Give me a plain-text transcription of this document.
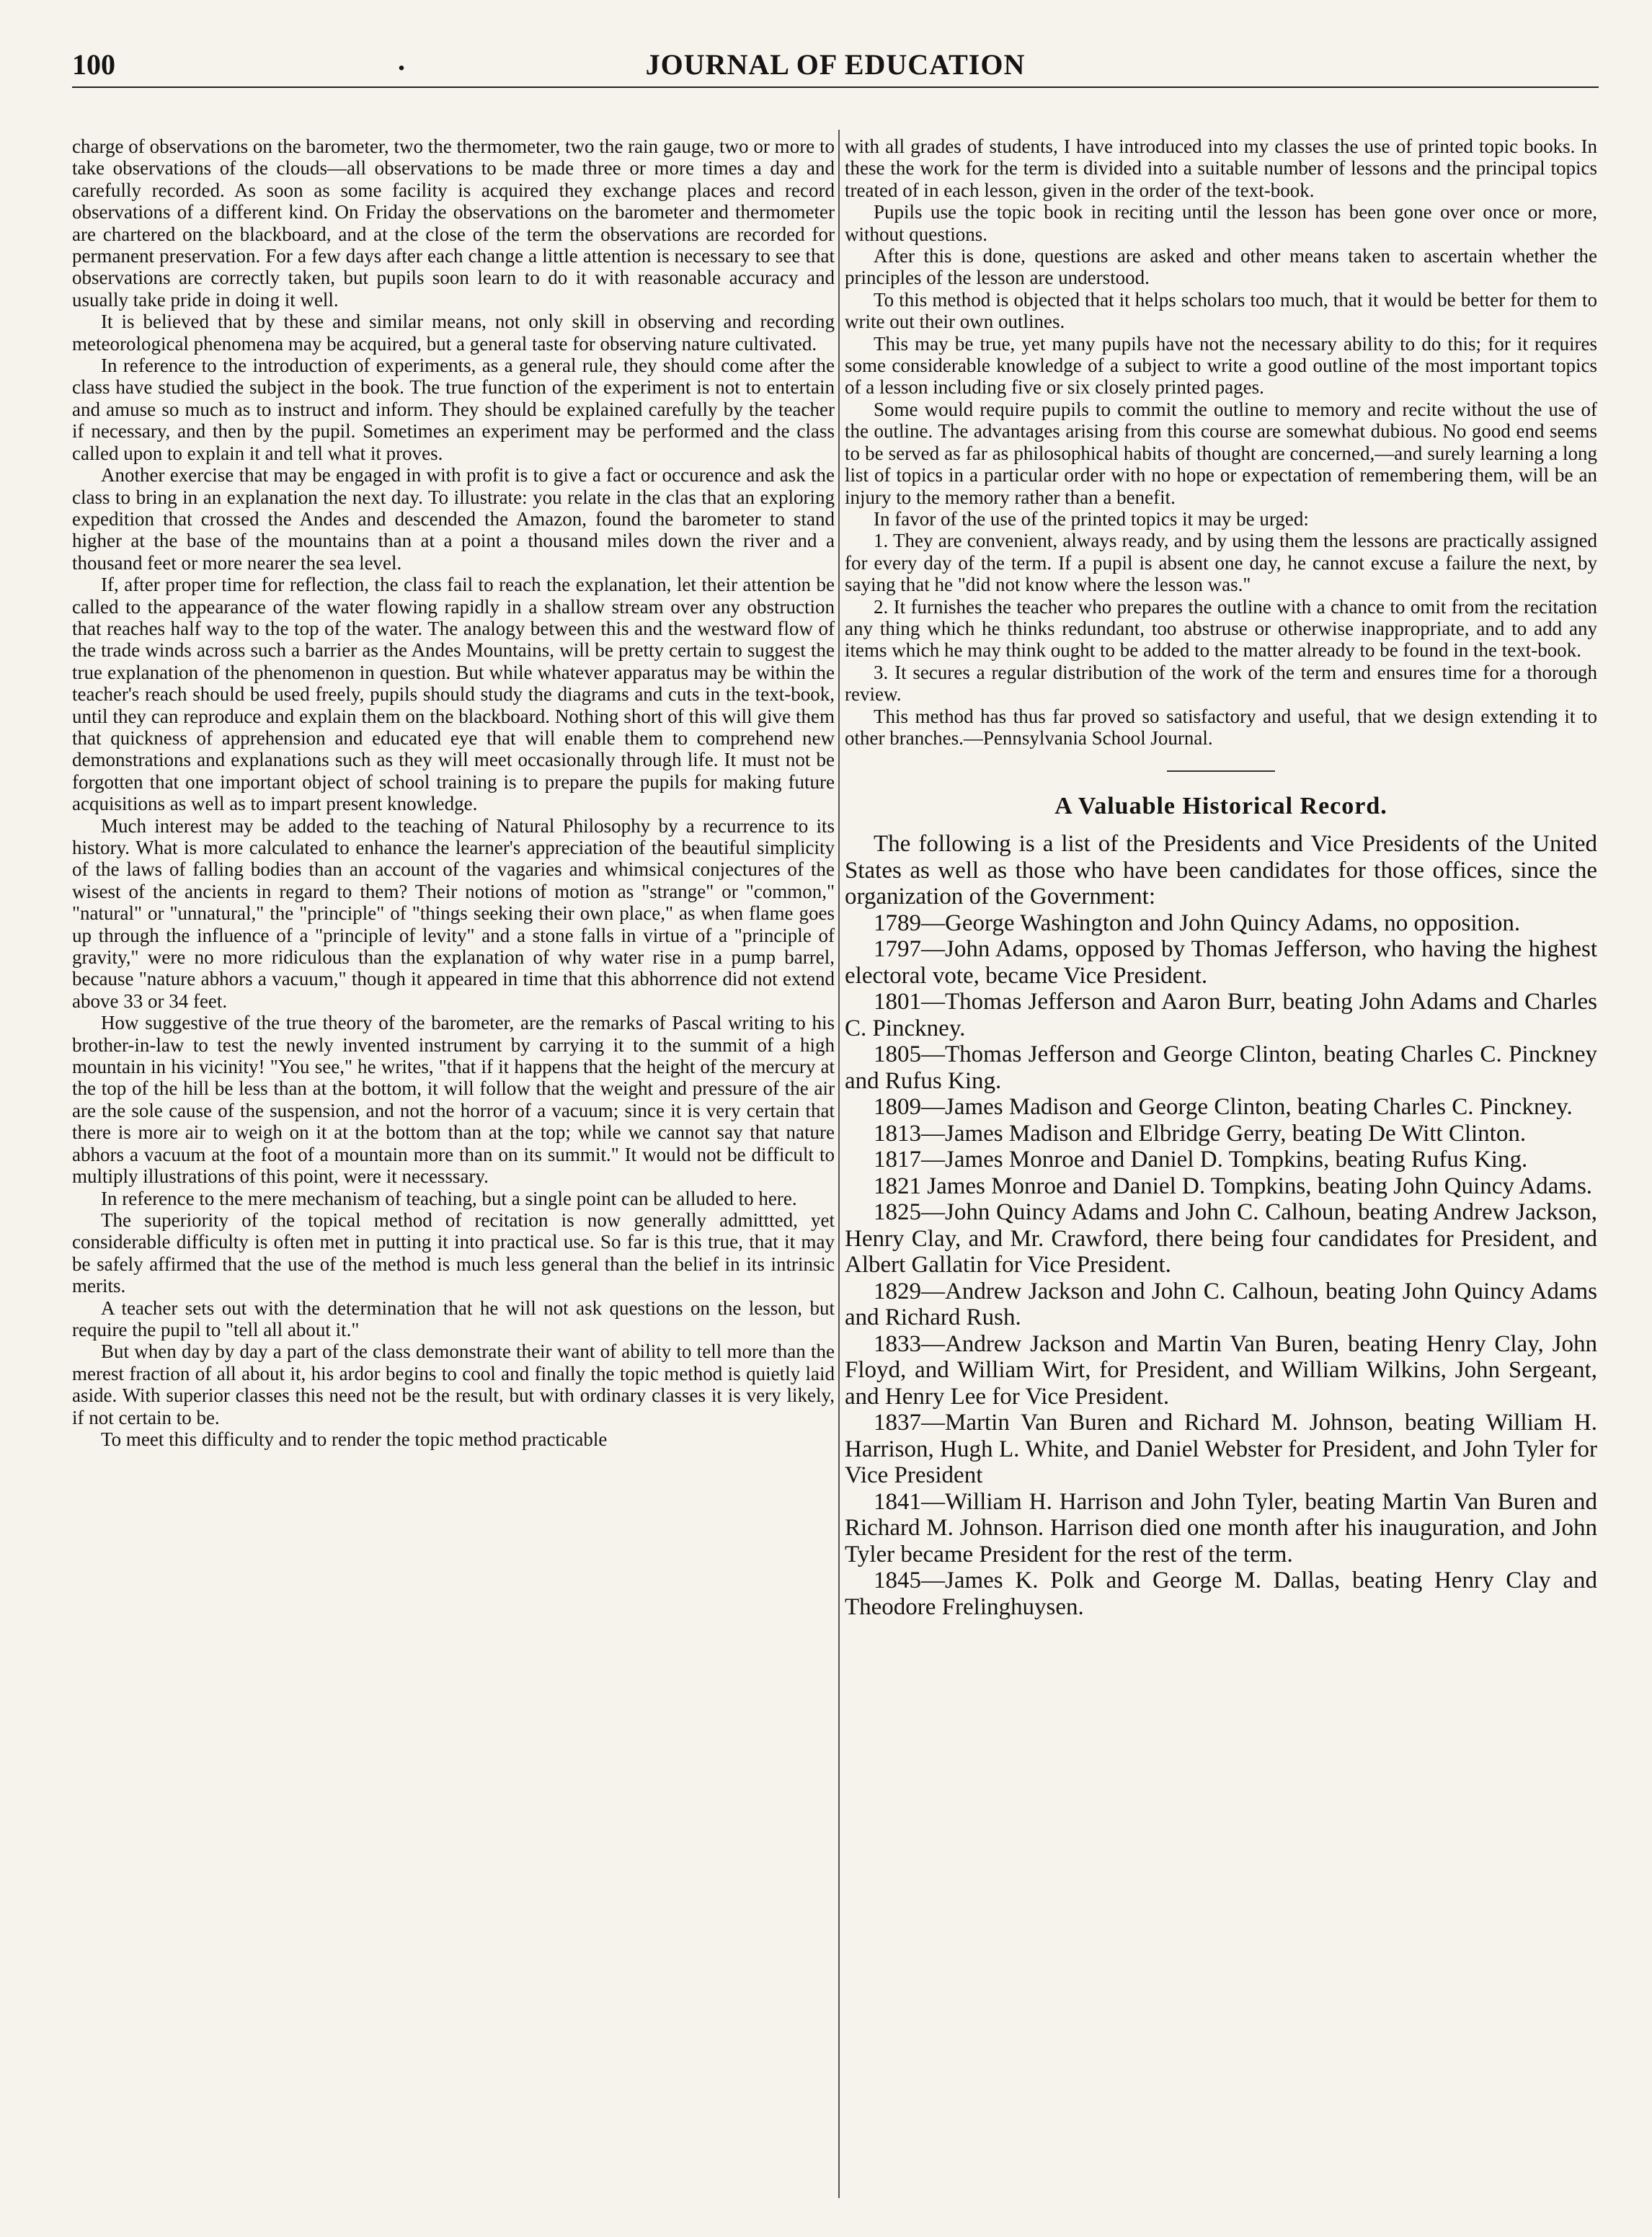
100	.	JOURNAL OF EDUCATION

charge of observations on the barometer, two the thermometer, two the rain gauge, two or more to take observations of the clouds—all observations to be made three or more times a day and carefully recorded. As soon as some facility is acquired they exchange places and record observations of a different kind. On Friday the observations on the barometer and thermometer are chartered on the blackboard, and at the close of the term the observations are recorded for permanent preservation. For a few days after each change a little attention is necessary to see that observations are correctly taken, but pupils soon learn to do it with reasonable accuracy and usually take pride in doing it well.

It is believed that by these and similar means, not only skill in observing and recording meteorological phenomena may be acquired, but a general taste for observing nature cultivated.

In reference to the introduction of experiments, as a general rule, they should come after the class have studied the subject in the book. The true function of the experiment is not to entertain and amuse so much as to instruct and inform. They should be explained carefully by the teacher if necessary, and then by the pupil. Sometimes an experiment may be performed and the class called upon to explain it and tell what it proves.

Another exercise that may be engaged in with profit is to give a fact or occurence and ask the class to bring in an explanation the next day. To illustrate: you relate in the clas that an exploring expedition that crossed the Andes and descended the Amazon, found the barometer to stand higher at the base of the mountains than at a point a thousand miles down the river and a thousand feet or more nearer the sea level.

If, after proper time for reflection, the class fail to reach the explanation, let their attention be called to the appearance of the water flowing rapidly in a shallow stream over any obstruction that reaches half way to the top of the water. The analogy between this and the westward flow of the trade winds across such a barrier as the Andes Mountains, will be pretty certain to suggest the true explanation of the phenomenon in question. But while whatever apparatus may be within the teacher's reach should be used freely, pupils should study the diagrams and cuts in the text-book, until they can reproduce and explain them on the blackboard. Nothing short of this will give them that quickness of apprehension and educated eye that will enable them to comprehend new demonstrations and explanations such as they will meet occasionally through life. It must not be forgotten that one important object of school training is to prepare the pupils for making future acquisitions as well as to impart present knowledge.

Much interest may be added to the teaching of Natural Philosophy by a recurrence to its history. What is more calculated to enhance the learner's appreciation of the beautiful simplicity of the laws of falling bodies than an account of the vagaries and whimsical conjectures of the wisest of the ancients in regard to them? Their notions of motion as "strange" or "common," "natural" or "unnatural," the "principle" of "things seeking their own place," as when flame goes up through the influence of a "principle of levity" and a stone falls in virtue of a "principle of gravity," were no more ridiculous than the explanation of why water rise in a pump barrel, because "nature abhors a vacuum," though it appeared in time that this abhorrence did not extend above 33 or 34 feet.

How suggestive of the true theory of the barometer, are the remarks of Pascal writing to his brother-in-law to test the newly invented instrument by carrying it to the summit of a high mountain in his vicinity! "You see," he writes, "that if it happens that the height of the mercury at the top of the hill be less than at the bottom, it will follow that the weight and pressure of the air are the sole cause of the suspension, and not the horror of a vacuum; since it is very certain that there is more air to weigh on it at the bottom than at the top; while we cannot say that nature abhors a vacuum at the foot of a mountain more than on its summit." It would not be difficult to multiply illustrations of this point, were it necesssary.

In reference to the mere mechanism of teaching, but a single point can be alluded to here.

The superiority of the topical method of recitation is now generally admittted, yet considerable difficulty is often met in putting it into practical use. So far is this true, that it may be safely affirmed that the use of the method is much less general than the belief in its intrinsic merits.

A teacher sets out with the determination that he will not ask questions on the lesson, but require the pupil to "tell all about it."

But when day by day a part of the class demonstrate their want of ability to tell more than the merest fraction of all about it, his ardor begins to cool and finally the topic method is quietly laid aside. With superior classes this need not be the result, but with ordinary classes it is very likely, if not certain to be.

To meet this difficulty and to render the topic method practicable

with all grades of students, I have introduced into my classes the use of printed topic books. In these the work for the term is divided into a suitable number of lessons and the principal topics treated of in each lesson, given in the order of the text-book.

Pupils use the topic book in reciting until the lesson has been gone over once or more, without questions.

After this is done, questions are asked and other means taken to ascertain whether the principles of the lesson are understood.

To this method is objected that it helps scholars too much, that it would be better for them to write out their own outlines.

This may be true, yet many pupils have not the necessary ability to do this; for it requires some considerable knowledge of a subject to write a good outline of the most important topics of a lesson including five or six closely printed pages.

Some would require pupils to commit the outline to memory and recite without the use of the outline. The advantages arising from this course are somewhat dubious. No good end seems to be served as far as philosophical habits of thought are concerned,—and surely learning a long list of topics in a particular order with no hope or expectation of remembering them, will be an injury to the memory rather than a benefit.

In favor of the use of the printed topics it may be urged:

1. They are convenient, always ready, and by using them the lessons are practically assigned for every day of the term. If a pupil is absent one day, he cannot excuse a failure the next, by saying that he "did not know where the lesson was."

2. It furnishes the teacher who prepares the outline with a chance to omit from the recitation any thing which he thinks redundant, too abstruse or otherwise inappropriate, and to add any items which he may think ought to be added to the matter already to be found in the text-book.

3. It secures a regular distribution of the work of the term and ensures time for a thorough review.

This method has thus far proved so satisfactory and useful, that we design extending it to other branches.—Pennsylvania School Journal.

A Valuable Historical Record.

The following is a list of the Presidents and Vice Presidents of the United States as well as those who have been candidates for those offices, since the organization of the Government:

1789—George Washington and John Quincy Adams, no opposition.

1797—John Adams, opposed by Thomas Jefferson, who having the highest electoral vote, became Vice President.

1801—Thomas Jefferson and Aaron Burr, beating John Adams and Charles C. Pinckney.

1805—Thomas Jefferson and George Clinton, beating Charles C. Pinckney and Rufus King.

1809—James Madison and George Clinton, beating Charles C. Pinckney.

1813—James Madison and Elbridge Gerry, beating De Witt Clinton.

1817—James Monroe and Daniel D. Tompkins, beating Rufus King.

1821 James Monroe and Daniel D. Tompkins, beating John Quincy Adams.

1825—John Quincy Adams and John C. Calhoun, beating Andrew Jackson, Henry Clay, and Mr. Crawford, there being four candidates for President, and Albert Gallatin for Vice President.

1829—Andrew Jackson and John C. Calhoun, beating John Quincy Adams and Richard Rush.

1833—Andrew Jackson and Martin Van Buren, beating Henry Clay, John Floyd, and William Wirt, for President, and William Wilkins, John Sergeant, and Henry Lee for Vice President.

1837—Martin Van Buren and Richard M. Johnson, beating William H. Harrison, Hugh L. White, and Daniel Webster for President, and John Tyler for Vice President

1841—William H. Harrison and John Tyler, beating Martin Van Buren and Richard M. Johnson. Harrison died one month after his inauguration, and John Tyler became President for the rest of the term.

1845—James K. Polk and George M. Dallas, beating Henry Clay and Theodore Frelinghuysen.
